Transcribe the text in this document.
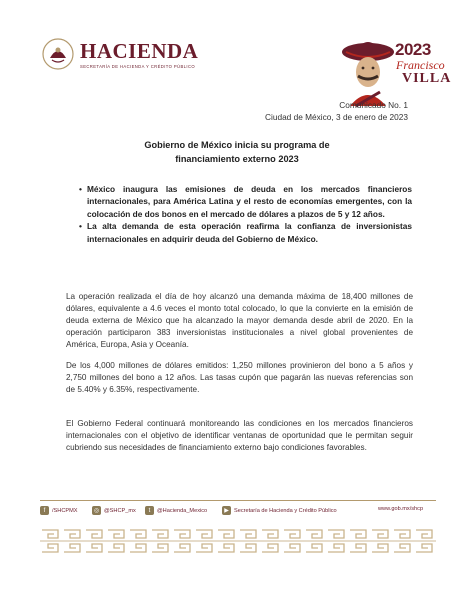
HACIENDA
SECRETARÍA DE HACIENDA Y CRÉDITO PÚBLICO
2023
Francisco
VILLA
Comunicado No. 1
Ciudad de México, 3 de enero de 2023
Gobierno de México inicia su programa de
financiamiento externo 2023
• México inaugura las emisiones de deuda en los mercados financieros internacionales, para América Latina y el resto de economías emergentes, con la colocación de dos bonos en el mercado de dólares a plazos de 5 y 12 años.
• La alta demanda de esta operación reafirma la confianza de inversionistas internacionales en adquirir deuda del Gobierno de México.

La operación realizada el día de hoy alcanzó una demanda máxima de 18,400 millones de dólares, equivalente a 4.6 veces el monto total colocado, lo que la convierte en la emisión de deuda externa de México que ha alcanzado la mayor demanda desde abril de 2020. En la operación participaron 383 inversionistas institucionales a nivel global provenientes de América, Europa, Asia y Oceanía.

De los 4,000 millones de dólares emitidos: 1,250 millones provinieron del bono a 5 años y 2,750 millones del bono a 12 años. Las tasas cupón que pagarán las nuevas referencias son de 5.40% y 6.35%, respectivamente.

El Gobierno Federal continuará monitoreando las condiciones en los mercados financieros internacionales con el objetivo de identificar ventanas de oportunidad que le permitan seguir cubriendo sus necesidades de financiamiento externo bajo condiciones favorables.

f	/SHCPMX	◎ @SHCP_mx	t	@Hacienda_Mexico	▶ Secretaría de Hacienda y Crédito Público	www.gob.mx/shcp
